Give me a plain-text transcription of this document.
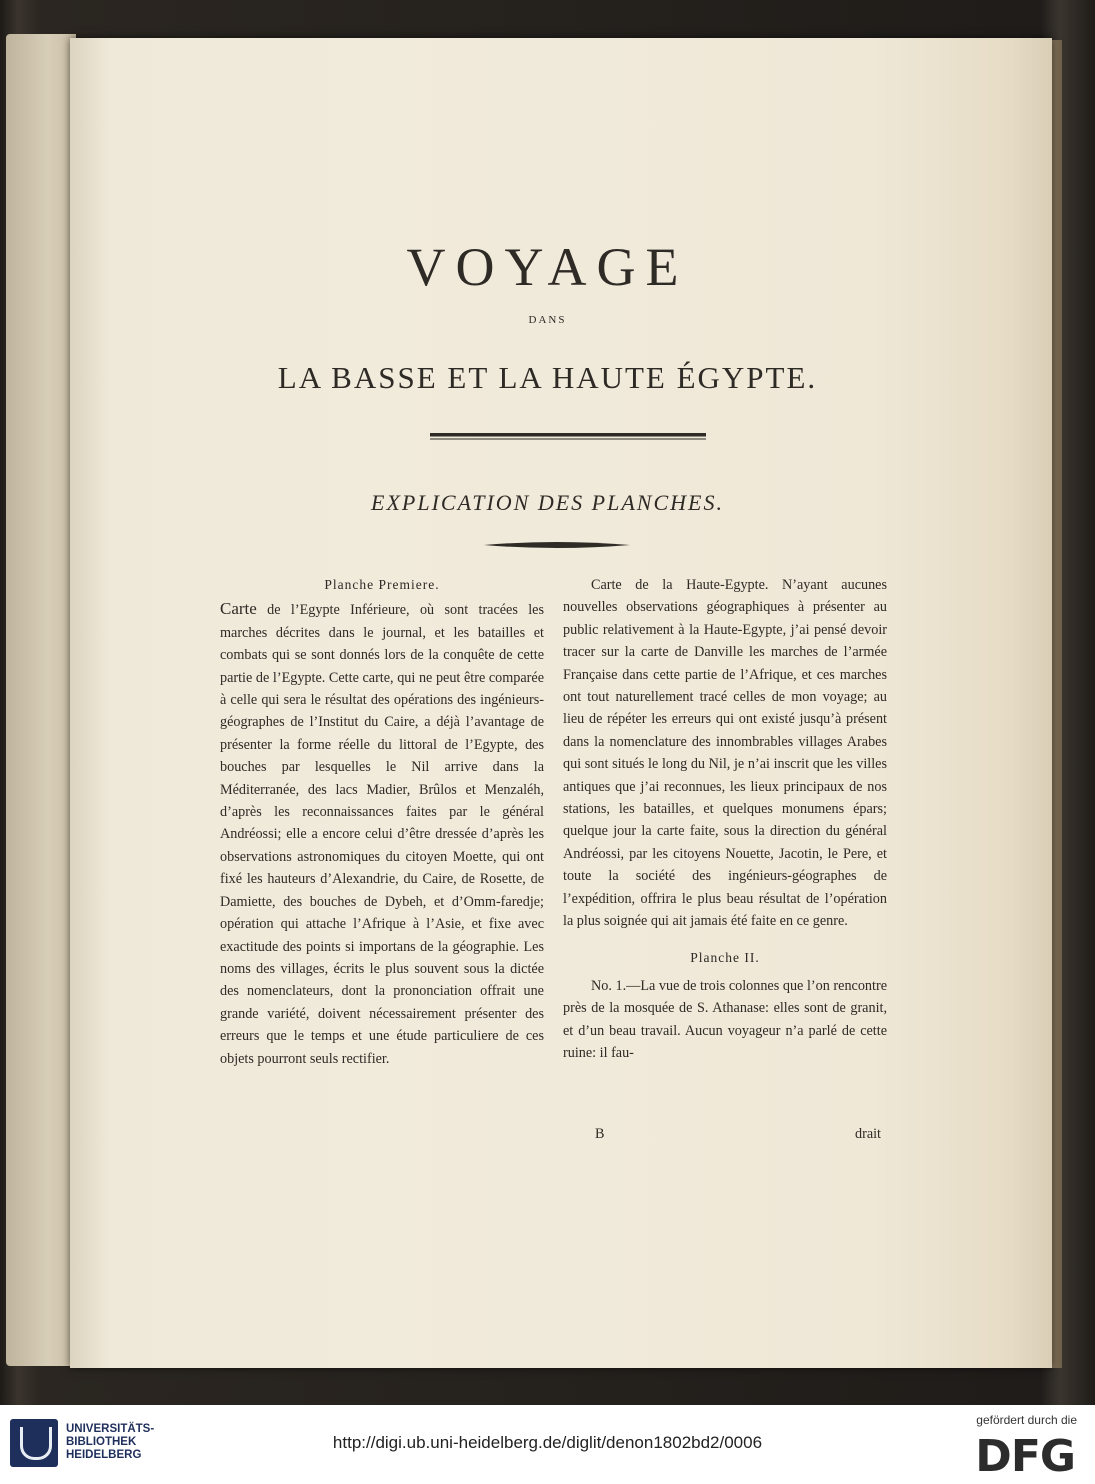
VOYAGE
DANS
LA BASSE ET LA HAUTE ÉGYPTE.
EXPLICATION DES PLANCHES.
Planche Premiere.

Carte de l’Egypte Inférieure, où sont tracées les marches décrites dans le journal, et les batailles et combats qui se sont donnés lors de la conquête de cette partie de l’Egypte. Cette carte, qui ne peut être comparée à celle qui sera le résultat des opérations des ingénieurs-géographes de l’Institut du Caire, a déjà l’avantage de présenter la forme réelle du littoral de l’Egypte, des bouches par lesquelles le Nil arrive dans la Méditerranée, des lacs Madier, Brûlos et Menzaléh, d’après les reconnaissances faites par le général Andréossi; elle a encore celui d’être dressée d’après les observations astronomiques du citoyen Moette, qui ont fixé les hauteurs d’Alexandrie, du Caire, de Rosette, de Damiette, des bouches de Dybeh, et d’Omm-faredje; opération qui attache l’Afrique à l’Asie, et fixe avec exactitude des points si importans de la géographie. Les noms des villages, écrits le plus souvent sous la dictée des nomenclateurs, dont la prononciation offrait une grande variété, doivent nécessairement présenter des erreurs que le temps et une étude particuliere de ces objets pourront seuls rectifier.

Carte de la Haute-Egypte. N’ayant aucunes nouvelles observations géographiques à présenter au public relativement à la Haute-Egypte, j’ai pensé devoir tracer sur la carte de Danville les marches de l’armée Française dans cette partie de l’Afrique, et ces marches ont tout naturellement tracé celles de mon voyage; au lieu de répéter les erreurs qui ont existé jusqu’à présent dans la nomenclature des innombrables villages Arabes qui sont situés le long du Nil, je n’ai inscrit que les villes antiques que j’ai reconnues, les lieux principaux de nos stations, les batailles, et quelques monumens épars; quelque jour la carte faite, sous la direction du général Andréossi, par les citoyens Nouette, Jacotin, le Pere, et toute la société des ingénieurs-géographes de l’expédition, offrira le plus beau résultat de l’opération la plus soignée qui ait jamais été faite en ce genre.

Planche II.

No. 1.—La vue de trois colonnes que l’on rencontre près de la mosquée de S. Athanase: elles sont de granit, et d’un beau travail. Aucun voyageur n’a parlé de cette ruine: il fau-

B	drait
UNIVERSITÄTS-
BIBLIOTHEK
HEIDELBERG
http://digi.ub.uni-heidelberg.de/diglit/denon1802bd2/0006
gefördert durch die
DFG
